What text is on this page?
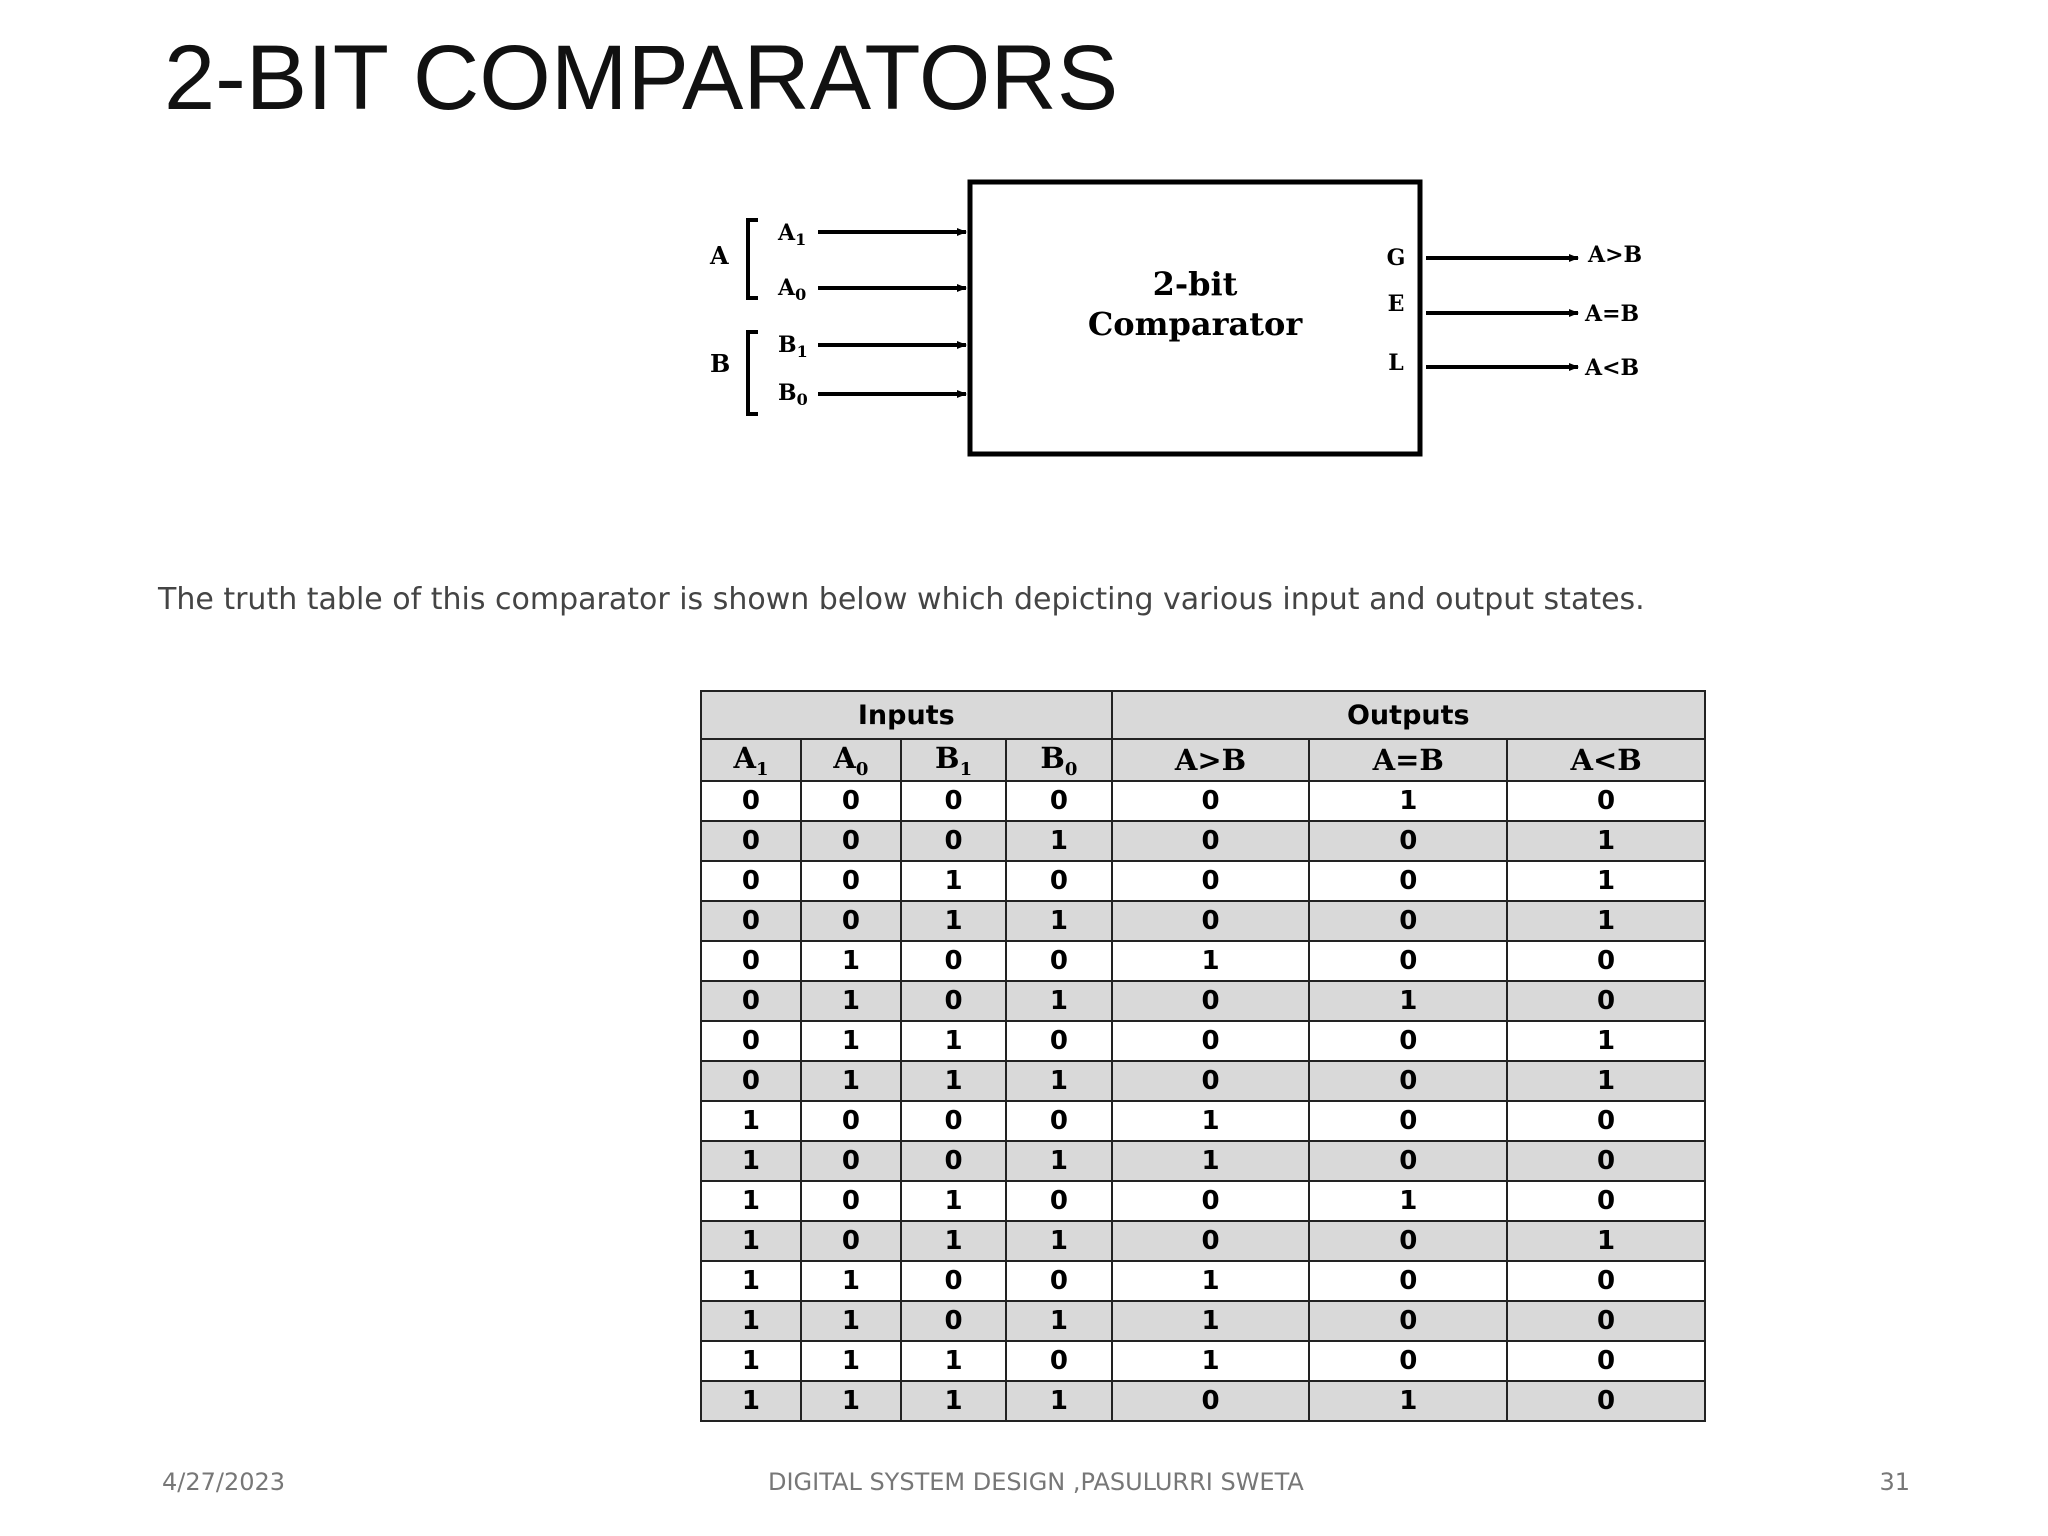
2-BIT COMPARATORS
2-bit
Comparator
A
$A_1$
$A_0$
B
$B_1$
$B_0$
G
E
L
A>B
A=B
A<B

The truth table of this comparator is shown below which depicting various input and output states.

Inputs				Outputs		
$A_1$	$A_0$	$B_1$	$B_0$	A>B	A=B	A<B
0	0	0	0	0	1	0
0	0	0	1	0	0	1
0	0	1	0	0	0	1
0	0	1	1	0	0	1
0	1	0	0	1	0	0
0	1	0	1	0	1	0
0	1	1	0	0	0	1
0	1	1	1	0	0	1
1	0	0	0	1	0	0
1	0	0	1	1	0	0
1	0	1	0	0	1	0
1	0	1	1	0	0	1
1	1	0	0	1	0	0
1	1	0	1	1	0	0
1	1	1	0	1	0	0
1	1	1	1	0	1	0

4/27/2023	DIGITAL SYSTEM DESIGN ,PASULURRI SWETA	31
